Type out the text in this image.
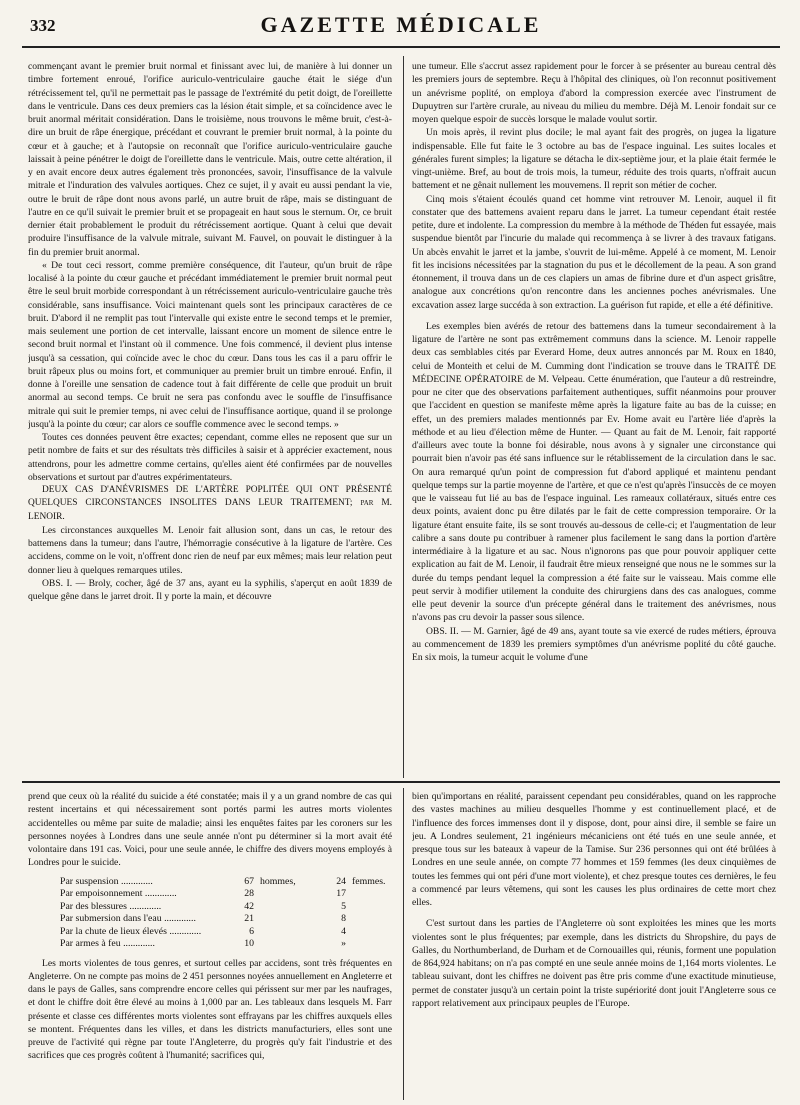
332	GAZETTE MÉDICALE

commençant avant le premier bruit normal et finissant avec lui, de manière à lui donner un timbre fortement enroué, l'orifice auriculo-ventriculaire gauche était le siége d'un rétrécissement tel, qu'il ne permettait pas le passage de l'extrémité du petit doigt, de l'oreillette dans le ventricule. Dans ces deux premiers cas la lésion était simple, et sa coïncidence avec le bruit anormal méritait considération. Dans le troisième, nous trouvons le même bruit, c'est-à-dire un bruit de râpe énergique, précédant et couvrant le premier bruit normal, à la pointe du cœur et à gauche; et à l'autopsie on reconnaît que l'orifice auriculo-ventriculaire gauche laissait à peine pénétrer le doigt de l'oreillette dans le ventricule. Mais, outre cette altération, il y en avait encore deux autres également très prononcées, savoir, l'insuffisance de la valvule mitrale et l'induration des valvules aortiques. Chez ce sujet, il y avait eu aussi pendant la vie, outre le bruit de râpe dont nous avons parlé, un autre bruit de râpe, mais se distinguant de l'autre en ce qu'il suivait le premier bruit et se propageait en haut sous le sternum. Or, ce bruit dernier était probablement le produit du rétrécissement aortique. Quant à celui que devait produire l'insuffisance de la valvule mitrale, suivant M. Fauvel, on pouvait le distinguer à la fin du premier bruit anormal.

« De tout ceci ressort, comme première conséquence, dit l'auteur, qu'un bruit de râpe localisé à la pointe du cœur gauche et précédant immédiatement le premier bruit normal peut être le seul bruit morbide correspondant à un rétrécissement auriculo-ventriculaire gauche très considérable, sans insuffisance. Voici maintenant quels sont les principaux caractères de ce bruit. D'abord il ne remplit pas tout l'intervalle qui existe entre le second temps et le premier, mais seulement une portion de cet intervalle, laissant encore un moment de silence entre le second bruit normal et l'instant où il commence. Une fois commencé, il devient plus intense jusqu'à sa cessation, qui coïncide avec le choc du cœur. Dans tous les cas il a paru offrir le bruit râpeux plus ou moins fort, et communiquer au premier bruit un timbre enroué. Enfin, il donne à l'oreille une sensation de cadence tout à fait différente de celle que produit un bruit anormal au second temps. Ce bruit ne sera pas confondu avec le souffle de l'insuffisance mitrale qui suit le premier temps, ni avec celui de l'insuffisance aortique, quand il se prolonge jusqu'à la pointe du cœur; car alors ce souffle commence avec le second temps. »

Toutes ces données peuvent être exactes; cependant, comme elles ne reposent que sur un petit nombre de faits et sur des résultats très difficiles à saisir et à apprécier exactement, nous attendrons, pour les admettre comme certains, qu'elles aient été confirmées par de nouvelles observations et surtout par d'autres expérimentateurs.

DEUX CAS D'ANÉVRISMES DE L'ARTÈRE POPLITÉE QUI ONT PRÉSENTÉ QUELQUES CIRCONSTANCES INSOLITES DANS LEUR TRAITEMENT; par M. LENOIR.

Les circonstances auxquelles M. Lenoir fait allusion sont, dans un cas, le retour des battemens dans la tumeur; dans l'autre, l'hémorragie consécutive à la ligature de l'artère. Ces accidens, comme on le voit, n'offrent donc rien de neuf par eux mêmes; mais leur relation peut donner lieu à quelques remarques utiles.

OBS. I. — Broly, cocher, âgé de 37 ans, ayant eu la syphilis, s'aperçut en août 1839 de quelque gêne dans le jarret droit. Il y porte la main, et découvre

une tumeur. Elle s'accrut assez rapidement pour le forcer à se présenter au bureau central dès les premiers jours de septembre. Reçu à l'hôpital des cliniques, où l'on reconnut positivement un anévrisme poplité, on employa d'abord la compression exercée avec l'instrument de Dupuytren sur l'artère crurale, au niveau du milieu du membre. Déjà M. Lenoir fondait sur ce moyen quelque espoir de succès lorsque le malade voulut sortir.

Un mois après, il revint plus docile; le mal ayant fait des progrès, on jugea la ligature indispensable. Elle fut faite le 3 octobre au bas de l'espace inguinal. Les suites locales et générales furent simples; la ligature se détacha le dix-septième jour, et la plaie était fermée le vingt-unième. Bref, au bout de trois mois, la tumeur, réduite des trois quarts, n'offrait aucun battement et ne gênait nullement les mouvemens. Il reprit son métier de cocher.

Cinq mois s'étaient écoulés quand cet homme vint retrouver M. Lenoir, auquel il fit constater que des battemens avaient reparu dans le jarret. La tumeur cependant était restée petite, dure et indolente. La compression du membre à la méthode de Théden fut essayée, mais suspendue bientôt par l'incurie du malade qui recommença à se livrer à des travaux fatigans. Un abcès envahit le jarret et la jambe, s'ouvrit de lui-même. Appelé à ce moment, M. Lenoir fit les incisions nécessitées par la stagnation du pus et le décollement de la peau. A son grand étonnement, il trouva dans un de ces clapiers un amas de fibrine dure et d'un aspect grisâtre, analogue aux concrétions qu'on rencontre dans les anciennes poches anévrismales. Une excavation assez large succéda à son extraction. La guérison fut rapide, et elle a été définitive.

Les exemples bien avérés de retour des battemens dans la tumeur secondairement à la ligature de l'artère ne sont pas extrêmement communs dans la science. M. Lenoir rappelle deux cas semblables cités par Everard Home, deux autres annoncés par M. Roux en 1840, celui de Monteith et celui de M. Cumming dont l'indication se trouve dans le TRAITÉ DE MÉDECINE OPÉRATOIRE de M. Velpeau. Cette énumération, que l'auteur a dû restreindre, pour ne citer que des observations parfaitement authentiques, suffit néanmoins pour prouver que l'accident en question se manifeste même après la ligature faite au bas de la cuisse; en effet, un des premiers malades mentionnés par Ev. Home avait eu l'artère liée d'après la méthode et au lieu d'élection même de Hunter. — Quant au fait de M. Lenoir, fait rapporté d'ailleurs avec toute la bonne foi désirable, nous avons à y signaler une circonstance qui pourrait bien n'avoir pas été sans influence sur le rétablissement de la circulation dans le sac. On aura remarqué qu'un point de compression fut d'abord appliqué et maintenu pendant quelque temps sur la partie moyenne de l'artère, et que ce n'est qu'après l'insuccès de ce moyen que le vaisseau fut lié au bas de l'espace inguinal. Les rameaux collatéraux, situés entre ces deux points, avaient donc pu être dilatés par le fait de cette compression temporaire. Or la ligature étant ensuite faite, ils se sont trouvés au-dessous de celle-ci; et l'augmentation de leur calibre a sans doute pu contribuer à ramener plus facilement le sang dans la portion d'artère intermédiaire à la ligature et au sac. Nous n'ignorons pas que pour pouvoir appliquer cette explication au fait de M. Lenoir, il faudrait être mieux renseigné que nous ne le sommes sur la durée du temps pendant lequel la compression a été faite sur le vaisseau. Mais comme elle peut servir à modifier utilement la conduite des chirurgiens dans des cas analogues, comme elle peut devenir la source d'un précepte général dans le traitement des anévrismes, nous n'avons pas cru devoir la passer sous silence.

OBS. II. — M. Garnier, âgé de 49 ans, ayant toute sa vie exercé de rudes métiers, éprouva au commencement de 1839 les premiers symptômes d'un anévrisme poplité du côté gauche. En six mois, la tumeur acquit le volume d'une

prend que ceux où la réalité du suicide a été constatée; mais il y a un grand nombre de cas qui restent incertains et qui nécessairement sont portés parmi les autres morts violentes accidentelles ou même par suite de maladie; ainsi les enquêtes faites par les coroners sur les personnes noyées à Londres dans une seule année n'ont pu déterminer si la mort avait été volontaire dans 191 cas. Voici, pour une seule année, le chiffre des divers moyens employés à Londres pour le suicide.

Par suspension .............	67	hommes,	24	femmes.
Par empoisonnement .............	28		17	
Par des blessures .............	42		5	
Par submersion dans l'eau .............	21		8	
Par la chute de lieux élevés .............	6		4	
Par armes à feu .............	10		»	

Les morts violentes de tous genres, et surtout celles par accidens, sont très fréquentes en Angleterre. On ne compte pas moins de 2 451 personnes noyées annuellement en Angleterre et dans le pays de Galles, sans comprendre encore celles qui périssent sur mer par les naufrages, et dont le chiffre doit être élevé au moins à 1,000 par an. Les tableaux dans lesquels M. Farr présente et classe ces différentes morts violentes sont effrayans par les chiffres auxquels elles se montent. Fréquentes dans les villes, et dans les districts manufacturiers, elles sont une preuve de l'activité qui règne par toute l'Angleterre, du progrès qu'y fait l'industrie et des sacrifices que ces progrès coûtent à l'humanité; sacrifices qui,

bien qu'importans en réalité, paraissent cependant peu considérables, quand on les rapproche des vastes machines au milieu desquelles l'homme y est continuellement placé, et de l'influence des forces immenses dont il y dispose, dont, pour ainsi dire, il semble se faire un jeu. A Londres seulement, 21 ingénieurs mécaniciens ont été tués en une seule année, et presque tous sur les bateaux à vapeur de la Tamise. Sur 236 personnes qui ont été brûlées à Londres en une seule année, on compte 77 hommes et 159 femmes (les deux cinquièmes de toutes les femmes qui ont péri d'une mort violente), et chez presque toutes ces dernières, le feu a commencé par leurs vêtemens, qui sont les causes les plus ordinaires de cette mort chez elles.

C'est surtout dans les parties de l'Angleterre où sont exploitées les mines que les morts violentes sont le plus fréquentes; par exemple, dans les districts du Shropshire, du pays de Galles, du Northumberland, de Durham et de Cornouailles qui, réunis, forment une population de 864,924 habitans; on n'a pas compté en une seule année moins de 1,164 morts violentes. Le tableau suivant, dont les chiffres ne doivent pas être pris comme d'une exactitude minutieuse, permet de constater jusqu'à un certain point la triste supériorité dont jouit l'Angleterre sous ce rapport relativement aux principaux peuples de l'Europe.
